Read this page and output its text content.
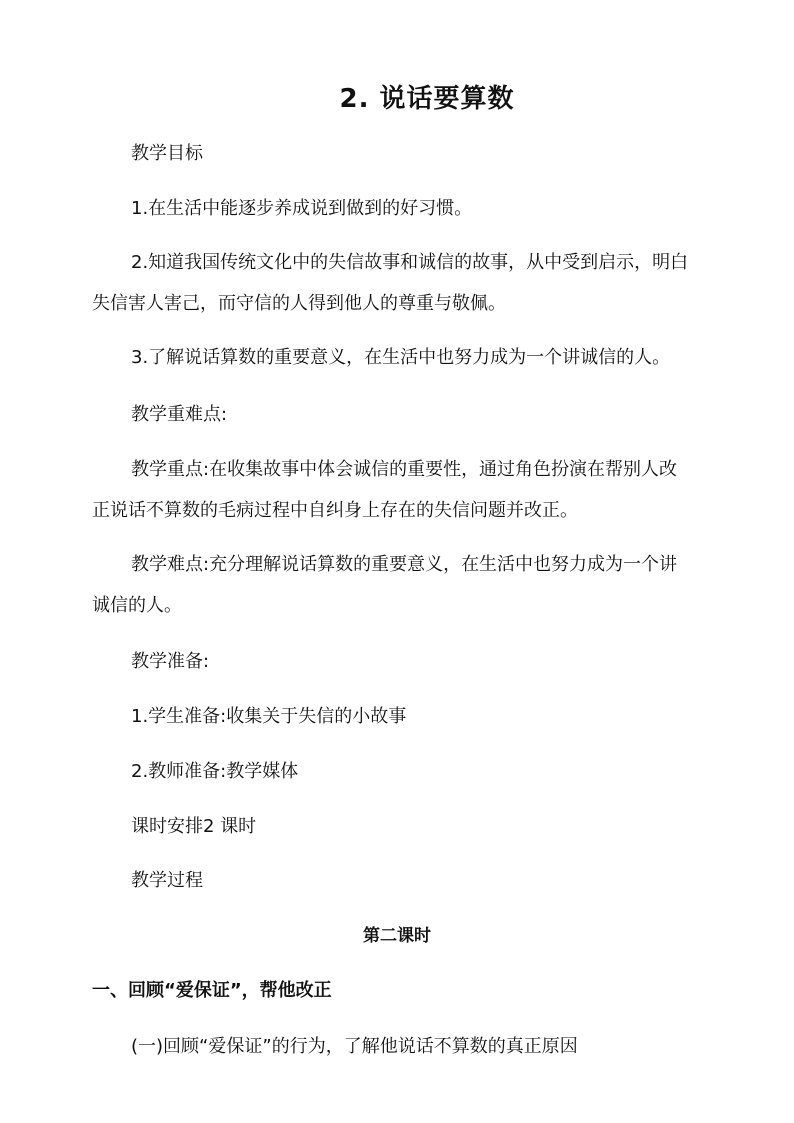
2. 说话要算数
教学目标
1.在生活中能逐步养成说到做到的好习惯。
2.知道我国传统文化中的失信故事和诚信的故事，从中受到启示，明白
失信害人害己，而守信的人得到他人的尊重与敬佩。
3.了解说话算数的重要意义，在生活中也努力成为一个讲诚信的人。
教学重难点:
教学重点:在收集故事中体会诚信的重要性，通过角色扮演在帮别人改
正说话不算数的毛病过程中自纠身上存在的失信问题并改正。
教学难点:充分理解说话算数的重要意义，在生活中也努力成为一个讲
诚信的人。
教学准备:
1.学生准备:收集关于失信的小故事
2.教师准备:教学媒体
课时安排2 课时
教学过程
第二课时
一、回顾“爱保证”，帮他改正
(一)回顾“爱保证”的行为，了解他说话不算数的真正原因
